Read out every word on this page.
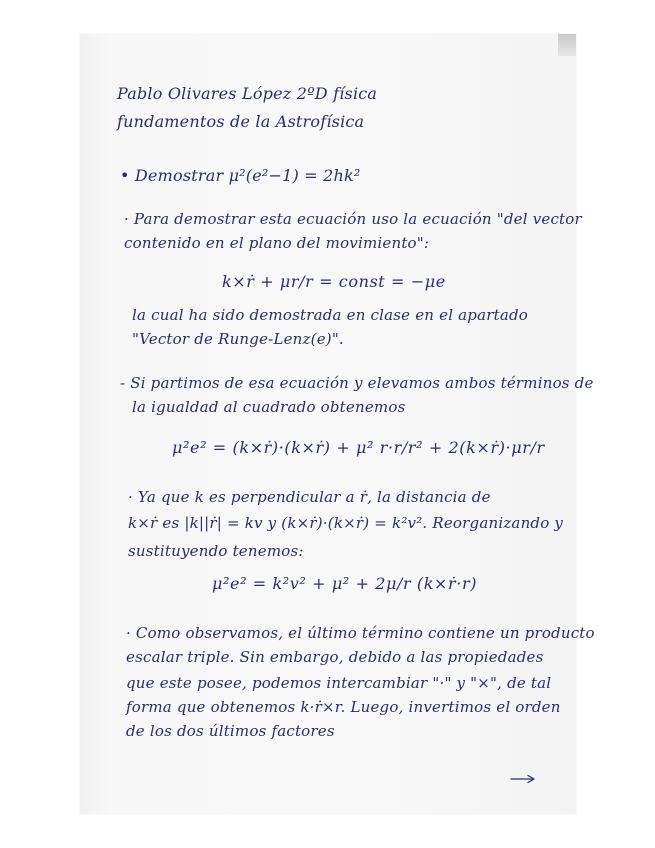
Pablo Olivares López 2ºD física
fundamentos de la Astrofísica
• Demostrar μ²(e²−1) = 2hk²
· Para demostrar esta ecuación uso la ecuación "del vector
contenido en el plano del movimiento":
k×ṙ + μr/r = const = −μe
la cual ha sido demostrada en clase en el apartado
"Vector de Runge-Lenz(e)".
- Si partimos de esa ecuación y elevamos ambos términos de
la igualdad al cuadrado obtenemos
μ²e² = (k×ṙ)·(k×ṙ) + μ² r·r/r² + 2(k×ṙ)·μr/r
· Ya que k es perpendicular a ṙ, la distancia de
k×ṙ es |k||ṙ| = kv y (k×ṙ)·(k×ṙ) = k²v². Reorganizando y
sustituyendo tenemos:
μ²e² = k²v² + μ² + 2μ/r (k×ṙ·r)
· Como observamos, el último término contiene un producto
escalar triple. Sin embargo, debido a las propiedades
que este posee, podemos intercambiar "·" y "×", de tal
forma que obtenemos k·ṙ×r. Luego, invertimos el orden
de los dos últimos factores
